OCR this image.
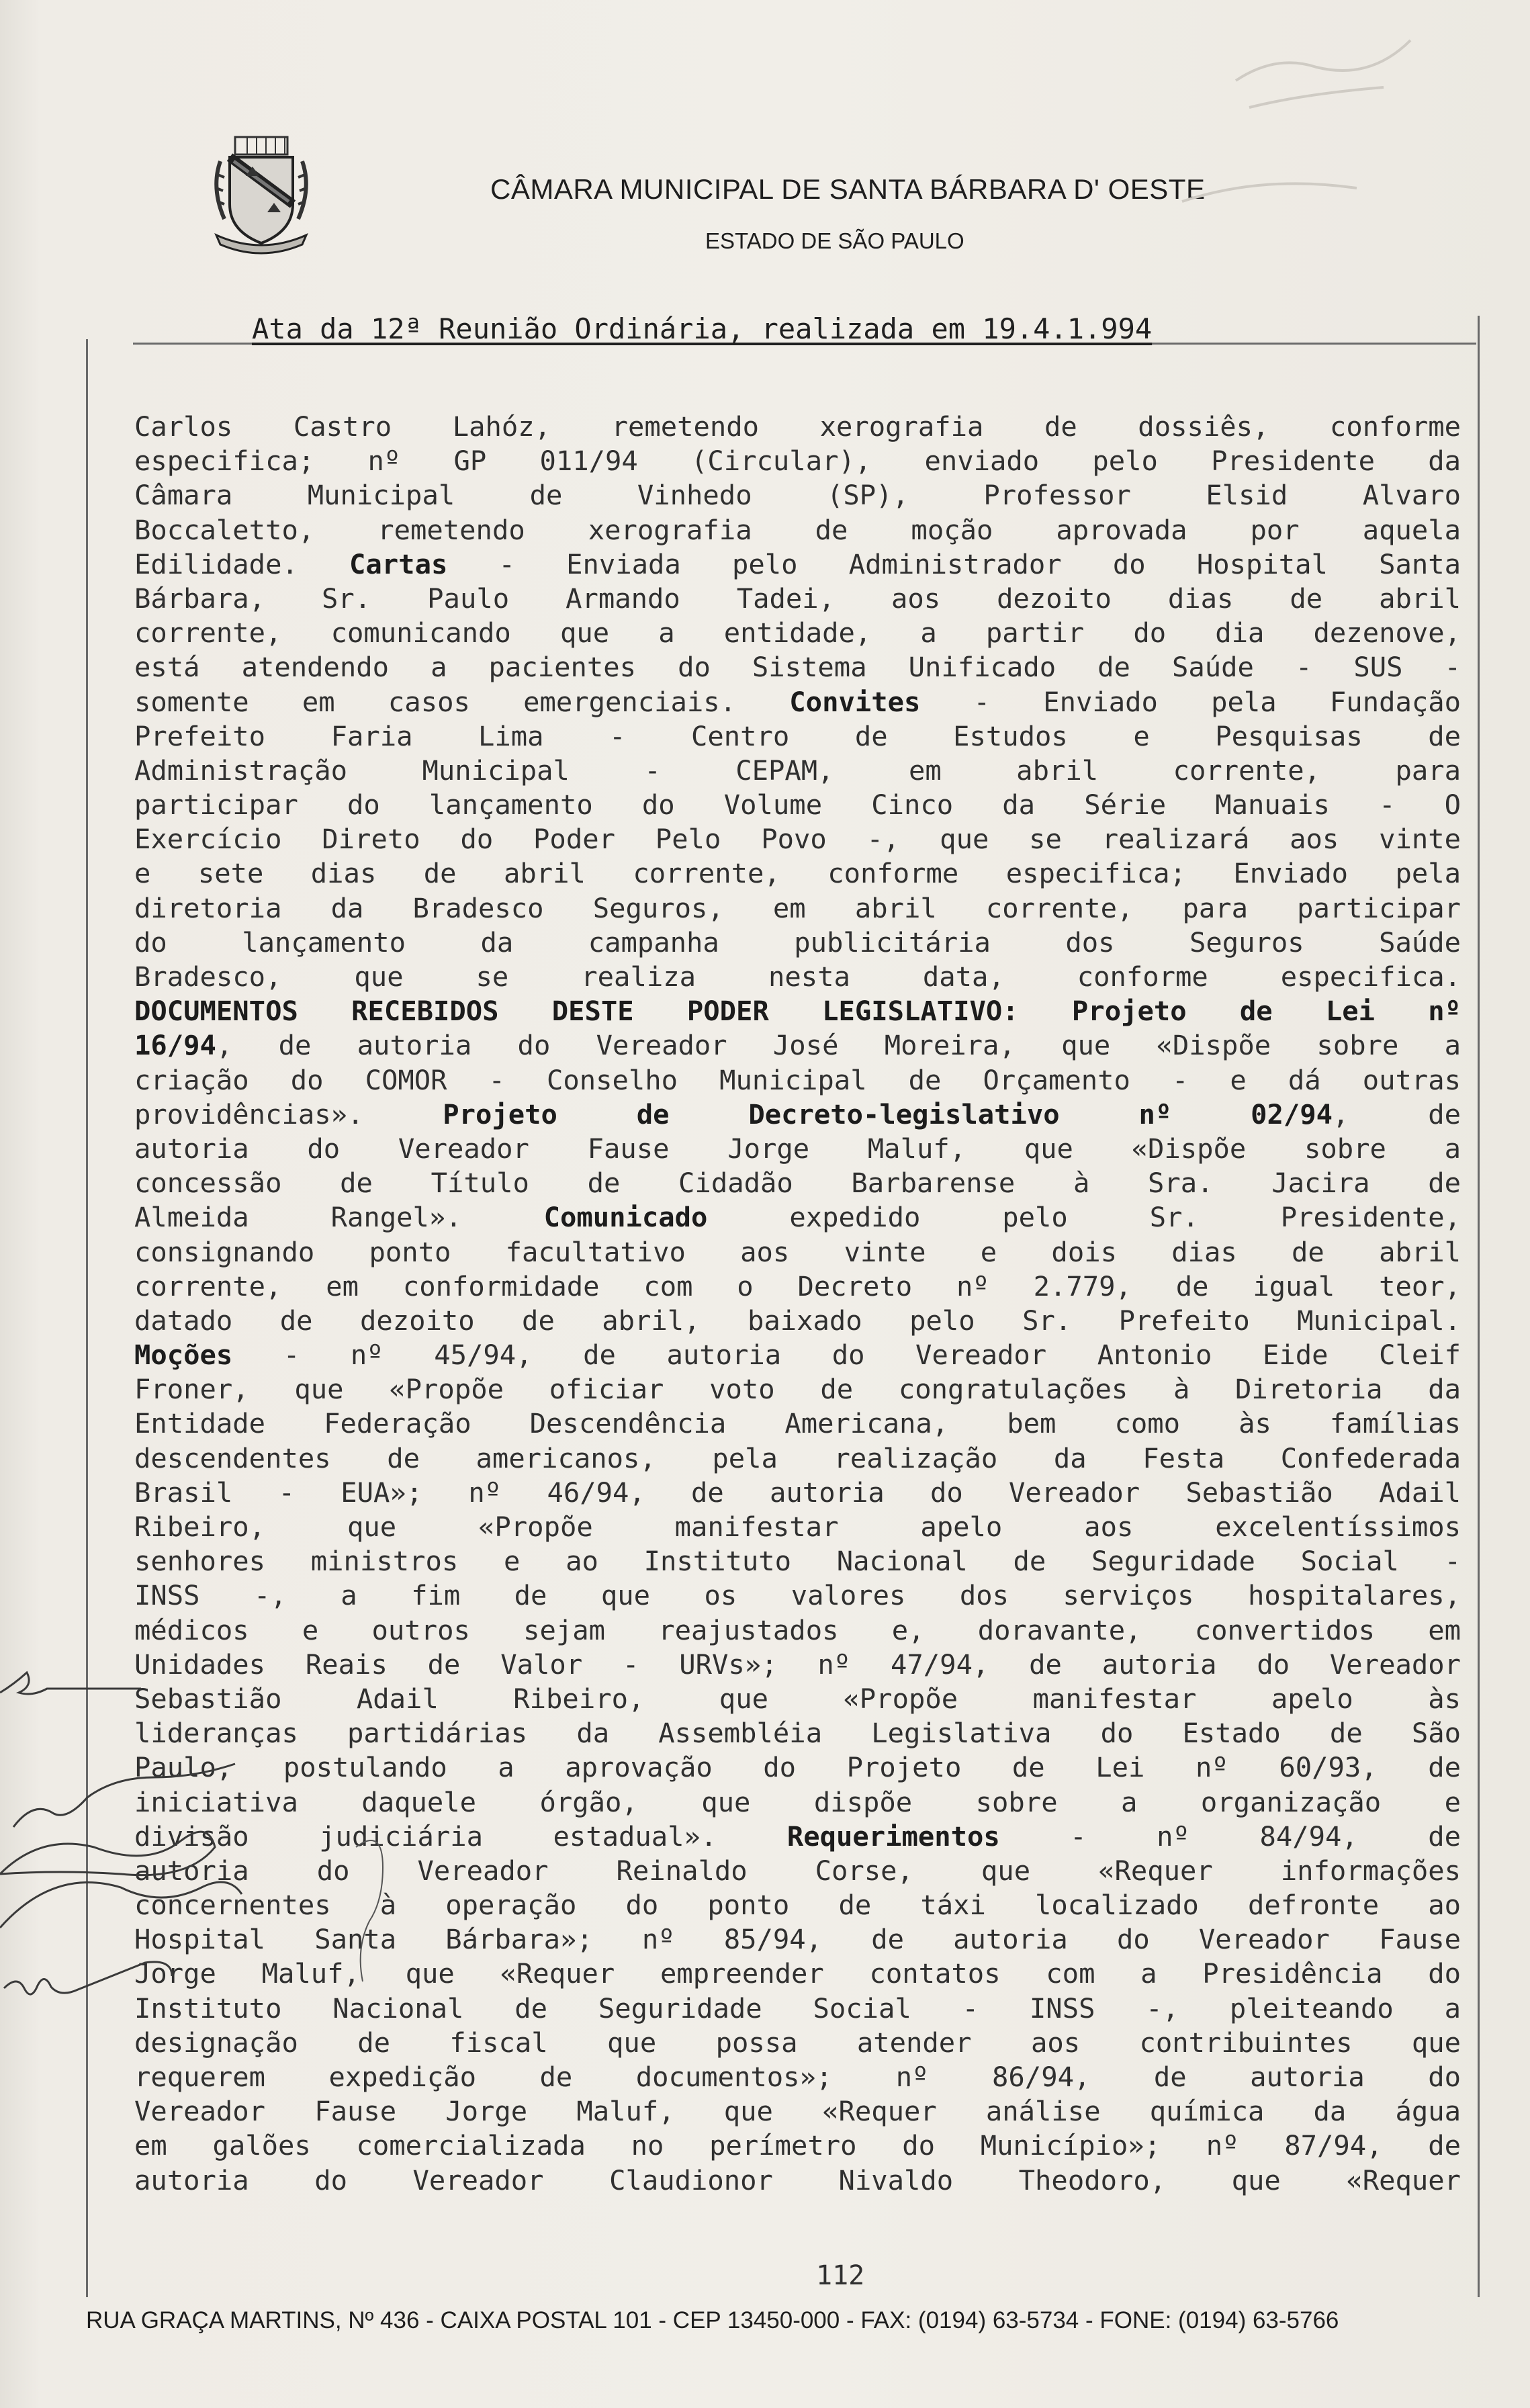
CÂMARA MUNICIPAL DE SANTA BÁRBARA D' OESTE
ESTADO DE SÃO PAULO
Ata da 12ª Reunião Ordinária, realizada em 19.4.1.994
Carlos Castro Lahóz, remetendo xerografia de dossiês, conforme
especifica; nº GP 011/94 (Circular), enviado pelo Presidente da
Câmara Municipal de Vinhedo (SP), Professor Elsid Alvaro
Boccaletto, remetendo xerografia de moção aprovada por aquela
Edilidade. Cartas - Enviada pelo Administrador do Hospital Santa
Bárbara, Sr. Paulo Armando Tadei, aos dezoito dias de abril
corrente, comunicando que a entidade, a partir do dia dezenove,
está atendendo a pacientes do Sistema Unificado de Saúde - SUS -
somente em casos emergenciais. Convites - Enviado pela Fundação
Prefeito Faria Lima - Centro de Estudos e Pesquisas de
Administração Municipal - CEPAM, em abril corrente, para
participar do lançamento do Volume Cinco da Série Manuais - O
Exercício Direto do Poder Pelo Povo -, que se realizará aos vinte
e sete dias de abril corrente, conforme especifica; Enviado pela
diretoria da Bradesco Seguros, em abril corrente, para participar
do lançamento da campanha publicitária dos Seguros Saúde
Bradesco, que se realiza nesta data, conforme especifica.
DOCUMENTOS RECEBIDOS DESTE PODER LEGISLATIVO: Projeto de Lei nº
16/94, de autoria do Vereador José Moreira, que «Dispõe sobre a
criação do COMOR - Conselho Municipal de Orçamento - e dá outras
providências». Projeto de Decreto-legislativo nº 02/94, de
autoria do Vereador Fause Jorge Maluf, que «Dispõe sobre a
concessão de Título de Cidadão Barbarense à Sra. Jacira de
Almeida Rangel». Comunicado expedido pelo Sr. Presidente,
consignando ponto facultativo aos vinte e dois dias de abril
corrente, em conformidade com o Decreto nº 2.779, de igual teor,
datado de dezoito de abril, baixado pelo Sr. Prefeito Municipal.
Moções - nº 45/94, de autoria do Vereador Antonio Eide Cleif
Froner, que «Propõe oficiar voto de congratulações à Diretoria da
Entidade Federação Descendência Americana, bem como às famílias
descendentes de americanos, pela realização da Festa Confederada
Brasil - EUA»; nº 46/94, de autoria do Vereador Sebastião Adail
Ribeiro, que «Propõe manifestar apelo aos excelentíssimos
senhores ministros e ao Instituto Nacional de Seguridade Social -
INSS -, a fim de que os valores dos serviços hospitalares,
médicos e outros sejam reajustados e, doravante, convertidos em
Unidades Reais de Valor - URVs»; nº 47/94, de autoria do Vereador
Sebastião Adail Ribeiro, que «Propõe manifestar apelo às
lideranças partidárias da Assembléia Legislativa do Estado de São
Paulo, postulando a aprovação do Projeto de Lei nº 60/93, de
iniciativa daquele órgão, que dispõe sobre a organização e
divisão judiciária estadual». Requerimentos - nº 84/94, de
autoria do Vereador Reinaldo Corse, que «Requer informações
concernentes à operação do ponto de táxi localizado defronte ao
Hospital Santa Bárbara»; nº 85/94, de autoria do Vereador Fause
Jorge Maluf, que «Requer empreender contatos com a Presidência do
Instituto Nacional de Seguridade Social - INSS -, pleiteando a
designação de fiscal que possa atender aos contribuintes que
requerem expedição de documentos»; nº 86/94, de autoria do
Vereador Fause Jorge Maluf, que «Requer análise química da água
em galões comercializada no perímetro do Município»; nº 87/94, de
autoria do Vereador Claudionor Nivaldo Theodoro, que «Requer
112
RUA GRAÇA MARTINS, Nº 436 - CAIXA POSTAL 101 - CEP 13450-000 - FAX: (0194) 63-5734 - FONE: (0194) 63-5766
